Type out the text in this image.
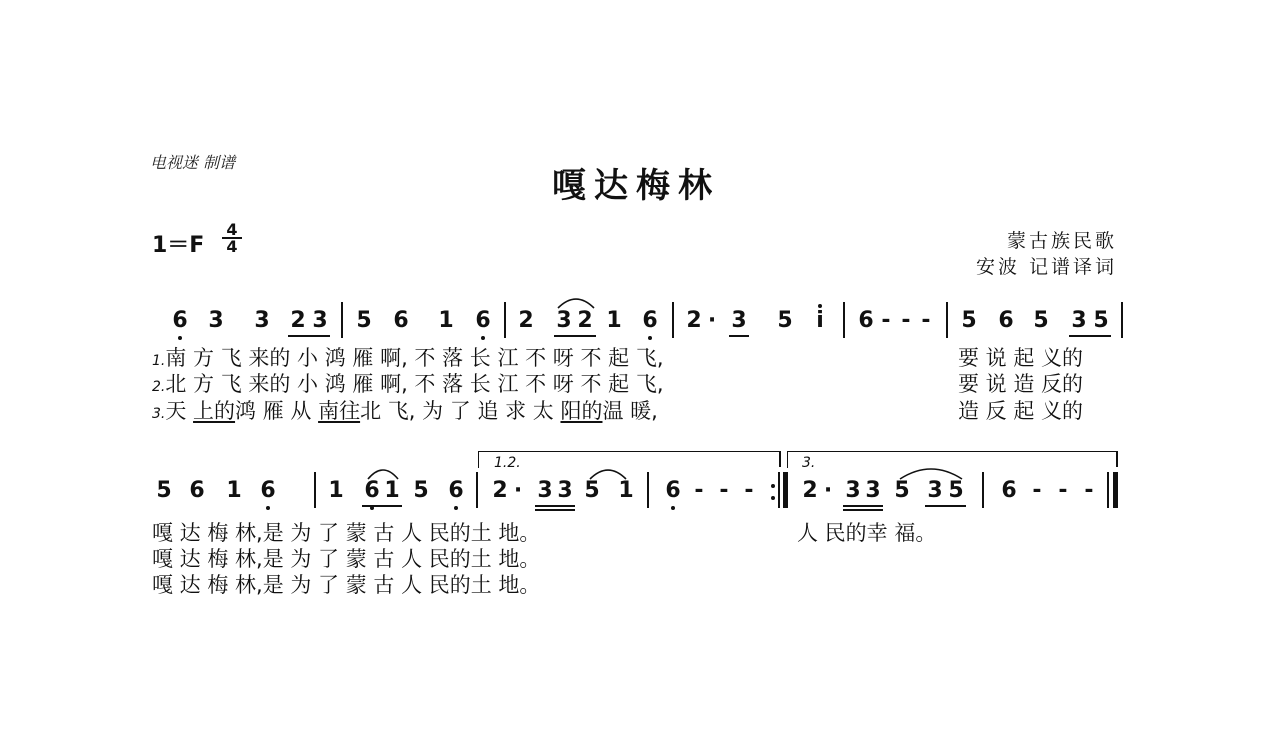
电视迷 制谱
嘎达梅林
1＝F
4
4	蒙古族民歌
安波 记谱译词
6 3 3 2 3 5 6 1 6 2 3 2 1 6 2 · 3 5 i 6 - - - 5 6 5 3 5
1.南 方 飞 来的 小 鸿 雁 啊, 不 落 长 江 不 呀 不 起 飞,	要 说 起 义的
2.北 方 飞 来的 小 鸿 雁 啊, 不 落 长 江 不 呀 不 起 飞,	要 说 造 反的
3.天 上的鸿 雁 从 南往北 飞, 为 了 追 求 太 阳的温 暖,	造 反 起 义的
1.2.	3.
5 6 1 6 1 6 1 5 6 2 · 3 3 5 1 6 - - - 2 · 3 3 5 3 5 6 - - -
嘎 达 梅 林,是 为 了 蒙 古 人 民的土 地。	人 民的幸 福。
嘎 达 梅 林,是 为 了 蒙 古 人 民的土 地。
嘎 达 梅 林,是 为 了 蒙 古 人 民的土 地。
